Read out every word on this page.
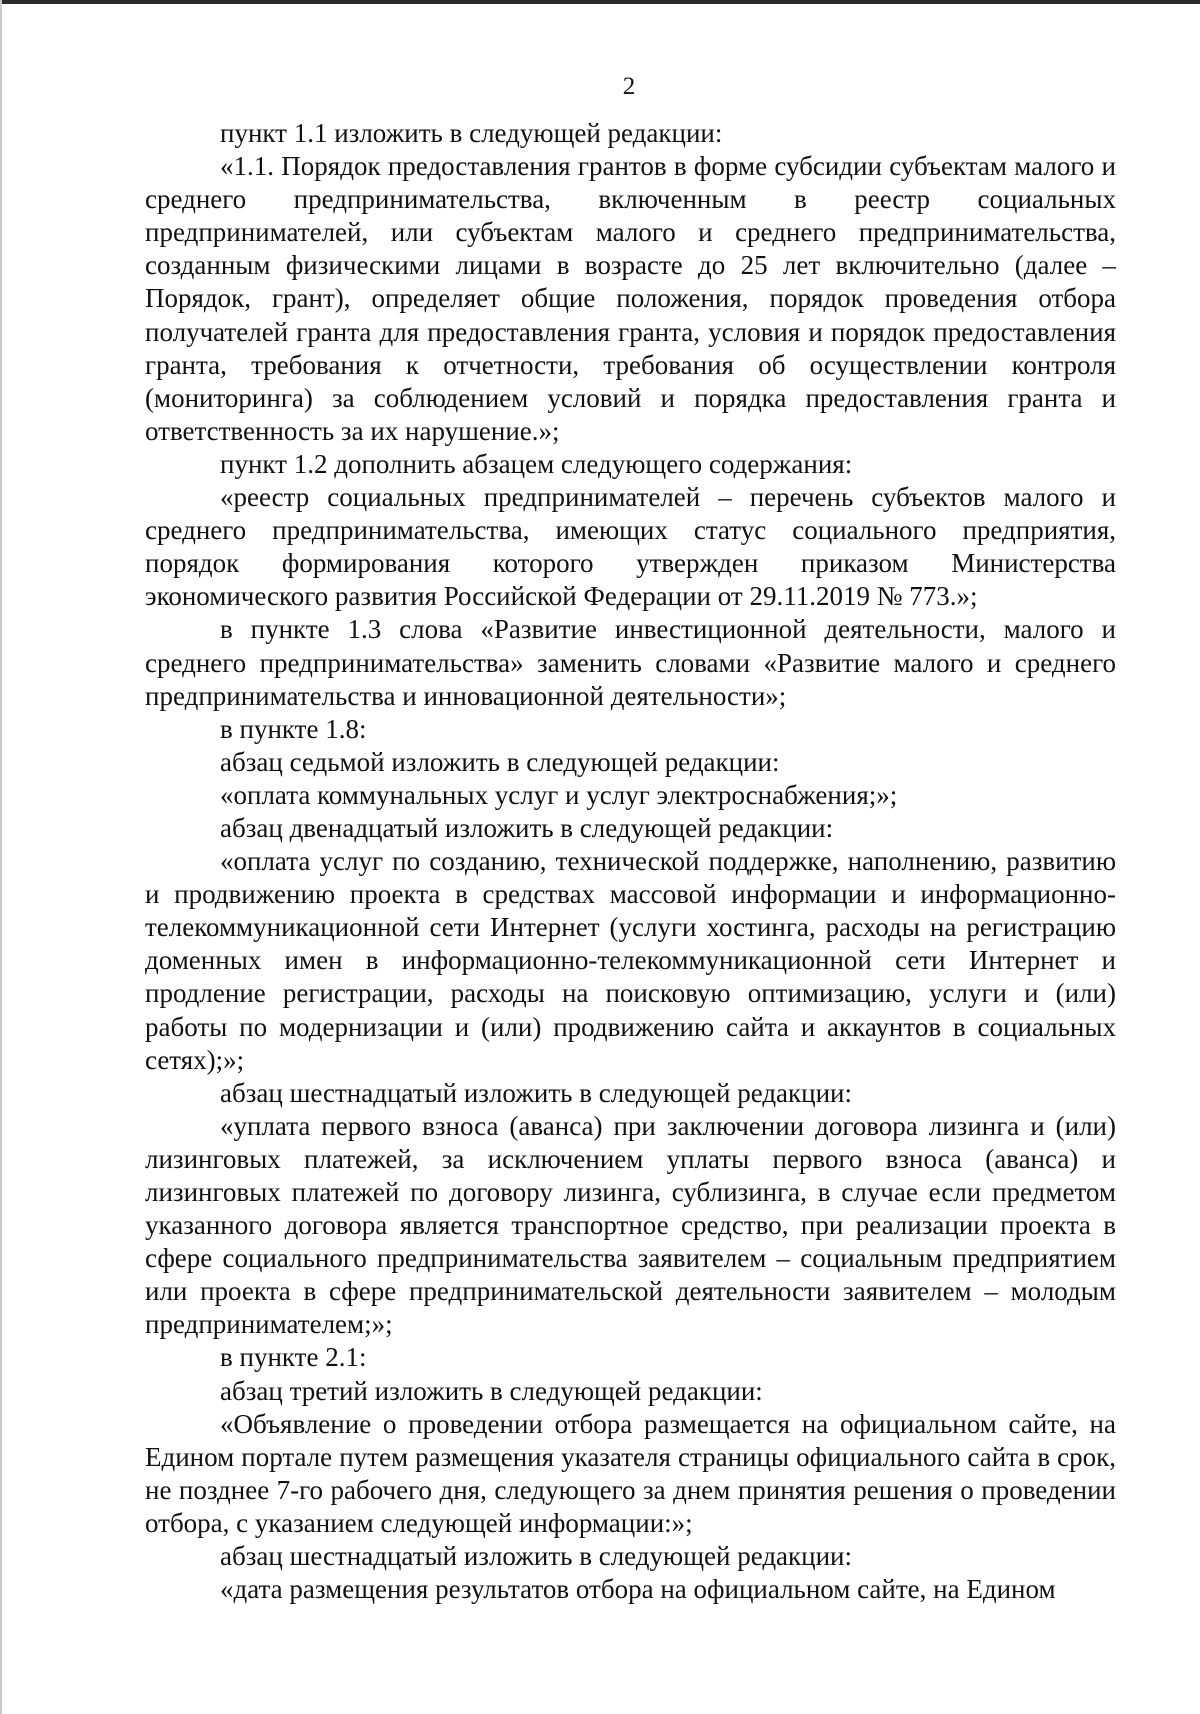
2

пункт 1.1 изложить в следующей редакции:

«1.1. Порядок предоставления грантов в форме субсидии субъектам малого и среднего предпринимательства, включенным в реестр социальных предпринимателей, или субъектам малого и среднего предпринимательства, созданным физическими лицами в возрасте до 25 лет включительно (далее – Порядок, грант), определяет общие положения, порядок проведения отбора получателей гранта для предоставления гранта, условия и порядок предоставления гранта, требования к отчетности, требования об осуществлении контроля (мониторинга) за соблюдением условий и порядка предоставления гранта и ответственность за их нарушение.»;

пункт 1.2 дополнить абзацем следующего содержания:

«реестр социальных предпринимателей – перечень субъектов малого и среднего предпринимательства, имеющих статус социального предприятия, порядок формирования которого утвержден приказом Министерства экономического развития Российской Федерации от 29.11.2019 № 773.»;

в пункте 1.3 слова «Развитие инвестиционной деятельности, малого и среднего предпринимательства» заменить словами «Развитие малого и среднего предпринимательства и инновационной деятельности»;

в пункте 1.8:

абзац седьмой изложить в следующей редакции:

«оплата коммунальных услуг и услуг электроснабжения;»;

абзац двенадцатый изложить в следующей редакции:

«оплата услуг по созданию, технической поддержке, наполнению, развитию и продвижению проекта в средствах массовой информации и информационно-телекоммуникационной сети Интернет (услуги хостинга, расходы на регистрацию доменных имен в информационно-телекоммуникационной сети Интернет и продление регистрации, расходы на поисковую оптимизацию, услуги и (или) работы по модернизации и (или) продвижению сайта и аккаунтов в социальных сетях);»;

абзац шестнадцатый изложить в следующей редакции:

«уплата первого взноса (аванса) при заключении договора лизинга и (или) лизинговых платежей, за исключением уплаты первого взноса (аванса) и лизинговых платежей по договору лизинга, сублизинга, в случае если предметом указанного договора является транспортное средство, при реализации проекта в сфере социального предпринимательства заявителем – социальным предприятием или проекта в сфере предпринимательской деятельности заявителем – молодым предпринимателем;»;

в пункте 2.1:

абзац третий изложить в следующей редакции:

«Объявление о проведении отбора размещается на официальном сайте, на Едином портале путем размещения указателя страницы официального сайта в срок, не позднее 7-го рабочего дня, следующего за днем принятия решения о проведении отбора, с указанием следующей информации:»;

абзац шестнадцатый изложить в следующей редакции:

«дата размещения результатов отбора на официальном сайте, на Едином
